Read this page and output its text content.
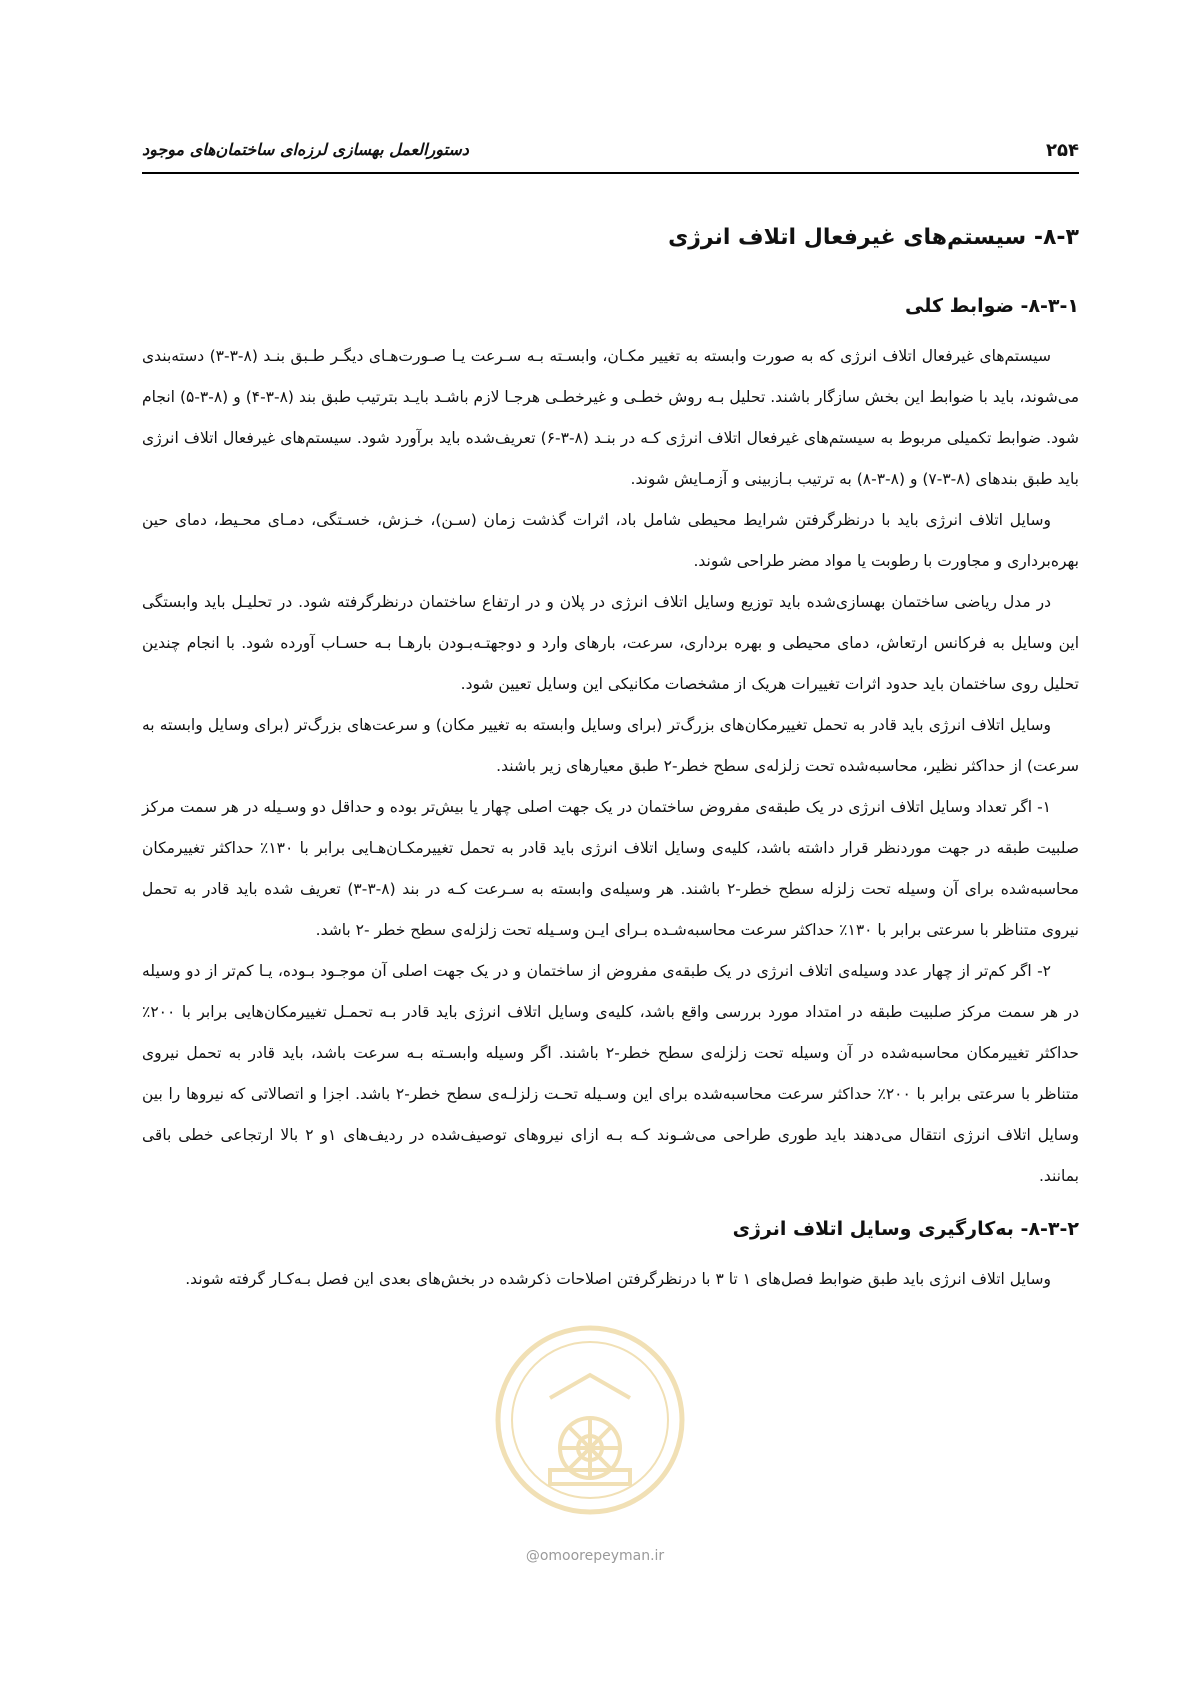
۲۵۴
دستورالعمل بهسازی لرزه‌ای ساختمان‌های موجود
۸-۳- سیستم‌های غیرفعال اتلاف انرژی
۸-۳-۱- ضوابط کلی

سیستم‌های غیرفعال اتلاف انرژی که به صورت وابسته به تغییر مکـان، وابسـته بـه سـرعت یـا صـورت‌هـای دیگـر طـبق بنـد (۸-۳-۳) دسته‌بندی می‌شوند، باید با ضوابط این بخش سازگار باشند. تحلیل بـه روش خطـی و غیرخطـی هرجـا لازم باشـد بایـد بترتیب طبق بند (۸-۳-۴) و (۸-۳-۵) انجام شود. ضوابط تکمیلی مربوط به سیستم‌های غیرفعال اتلاف انرژی کـه در بنـد (۸-۳-۶) تعریف‌شده باید برآورد شود. سیستم‌های غیرفعال اتلاف انرژی باید طبق بندهای (۸-۳-۷) و (۸-۳-۸) به ترتیب بـازبینی و آزمـایش شوند.

وسایل اتلاف انرژی باید با درنظرگرفتن شرایط محیطی شامل باد، اثرات گذشت زمان (سـن)، خـزش، خسـتگی، دمـای محـیط، دمای حین بهره‌برداری و مجاورت با رطوبت یا مواد مضر طراحی شوند.

در مدل ریاضی ساختمان بهسازی‌شده باید توزیع وسایل اتلاف انرژی در پلان و در ارتفاع ساختمان درنظرگرفته شود. در تحلیـل باید وابستگی این وسایل به فرکانس ارتعاش، دمای محیطی و بهره برداری، سرعت، بارهای وارد و دوجهتـه‌بـودن بارهـا بـه حسـاب آورده شود. با انجام چندین تحلیل روی ساختمان باید حدود اثرات تغییرات هریک از مشخصات مکانیکی این وسایل تعیین شود.

وسایل اتلاف انرژی باید قادر به تحمل تغییرمکان‌های بزرگ‌تر (برای وسایل وابسته به تغییر مکان) و سرعت‌های بزرگ‌تر (برای وسایل وابسته به سرعت) از حداکثر نظیر، محاسبه‌شده تحت زلزله‌ی سطح خطر-۲ طبق معیارهای زیر باشند.

۱- اگر تعداد وسایل اتلاف انرژی در یک طبقه‌ی مفروض ساختمان در یک جهت اصلی چهار یا بیش‌تر بوده و حداقل دو وسـیله در هر سمت مرکز صلبیت طبقه در جهت موردنظر قرار داشته باشد، کلیه‌ی وسایل اتلاف انرژی باید قادر به تحمل تغییرمکـان‌هـایی برابر با ۱۳۰٪ حداکثر تغییرمکان محاسبه‌شده برای آن وسیله تحت زلزله سطح خطر-۲ باشند. هر وسیله‌ی وابسته به سـرعت کـه در بند (۸-۳-۳) تعریف شده باید قادر به تحمل نیروی متناظر با سرعتی برابر با ۱۳۰٪ حداکثر سرعت محاسبه‌شـده بـرای ایـن وسـیله تحت زلزله‌ی سطح خطر -۲ باشد.

۲- اگر کم‌تر از چهار عدد وسیله‌ی اتلاف انرژی در یک طبقه‌ی مفروض از ساختمان و در یک جهت اصلی آن موجـود بـوده، یـا کم‌تر از دو وسیله در هر سمت مرکز صلبیت طبقه در امتداد مورد بررسی واقع باشد، کلیه‌ی وسایل اتلاف انرژی باید قادر بـه تحمـل تغییرمکان‌هایی برابر با ۲۰۰٪ حداکثر تغییرمکان محاسبه‌شده در آن وسیله تحت زلزله‌ی سطح خطر-۲ باشند. اگر وسیله وابسـته بـه سرعت باشد، باید قادر به تحمل نیروی متناظر با سرعتی برابر با ۲۰۰٪ حداکثر سرعت محاسبه‌شده برای این وسـیله تحـت زلزلـه‌ی سطح خطر-۲ باشد. اجزا و اتصالاتی که نیروها را بین وسایل اتلاف انرژی انتقال می‌دهند باید طوری طراحی می‌شـوند کـه بـه ازای نیروهای توصیف‌شده در ردیف‌های ۱و ۲ بالا ارتجاعی خطی باقی بمانند.

۸-۳-۲- به‌کارگیری وسایل اتلاف انرژی

وسایل اتلاف انرژی باید طبق ضوابط فصل‌های ۱ تا ۳ با درنظرگرفتن اصلاحات ذکرشده در بخش‌های بعدی این فصل بـه‌کـار گرفته شوند.

@omoorepeyman.ir
